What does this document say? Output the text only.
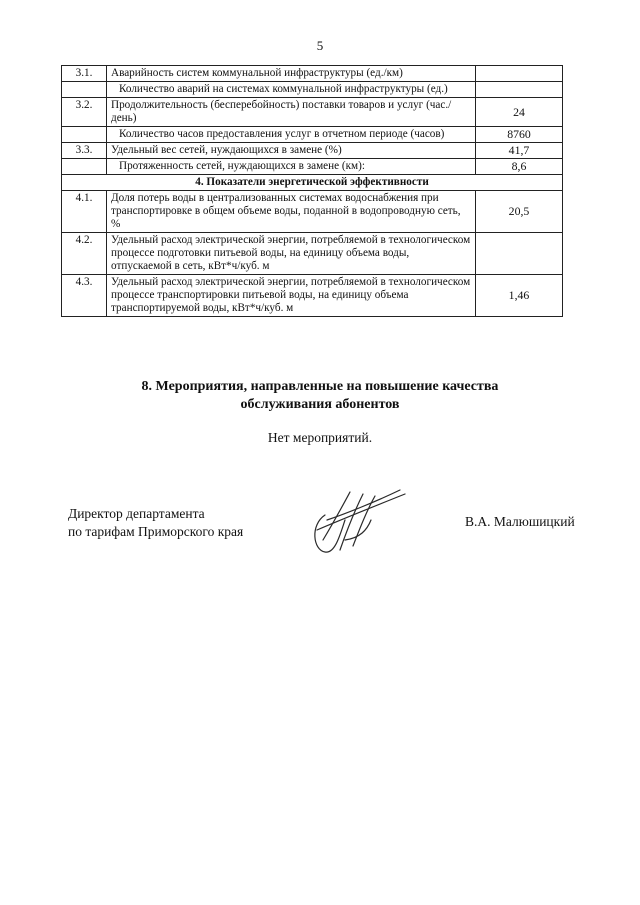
5
3.1.	Аварийность систем коммунальной инфраструктуры (ед./км)	
	Количество аварий на системах коммунальной инфраструктуры (ед.)	
3.2.	Продолжительность (бесперебойность) поставки товаров и услуг (час./день)	24
	Количество часов предоставления услуг в отчетном периоде (часов)	8760
3.3.	Удельный вес сетей, нуждающихся в замене (%)	41,7
	Протяженность сетей, нуждающихся в замене (км):	8,6
4. Показатели энергетической эффективности		
4.1.	Доля потерь воды в централизованных системах водоснабжения при транспортировке в общем объеме воды, поданной в водопроводную сеть, %	20,5
4.2.	Удельный расход электрической энергии, потребляемой в технологическом процессе подготовки питьевой воды, на единицу объема воды, отпускаемой в сеть, кВт*ч/куб. м	
4.3.	Удельный расход электрической энергии, потребляемой в технологическом процессе транспортировки питьевой воды, на единицу объема транспортируемой воды, кВт*ч/куб. м	1,46
8. Мероприятия, направленные на повышение качества
обслуживания абонентов
Нет мероприятий.
Директор департамента
по тарифам Приморского края
В.А. Малюшицкий
